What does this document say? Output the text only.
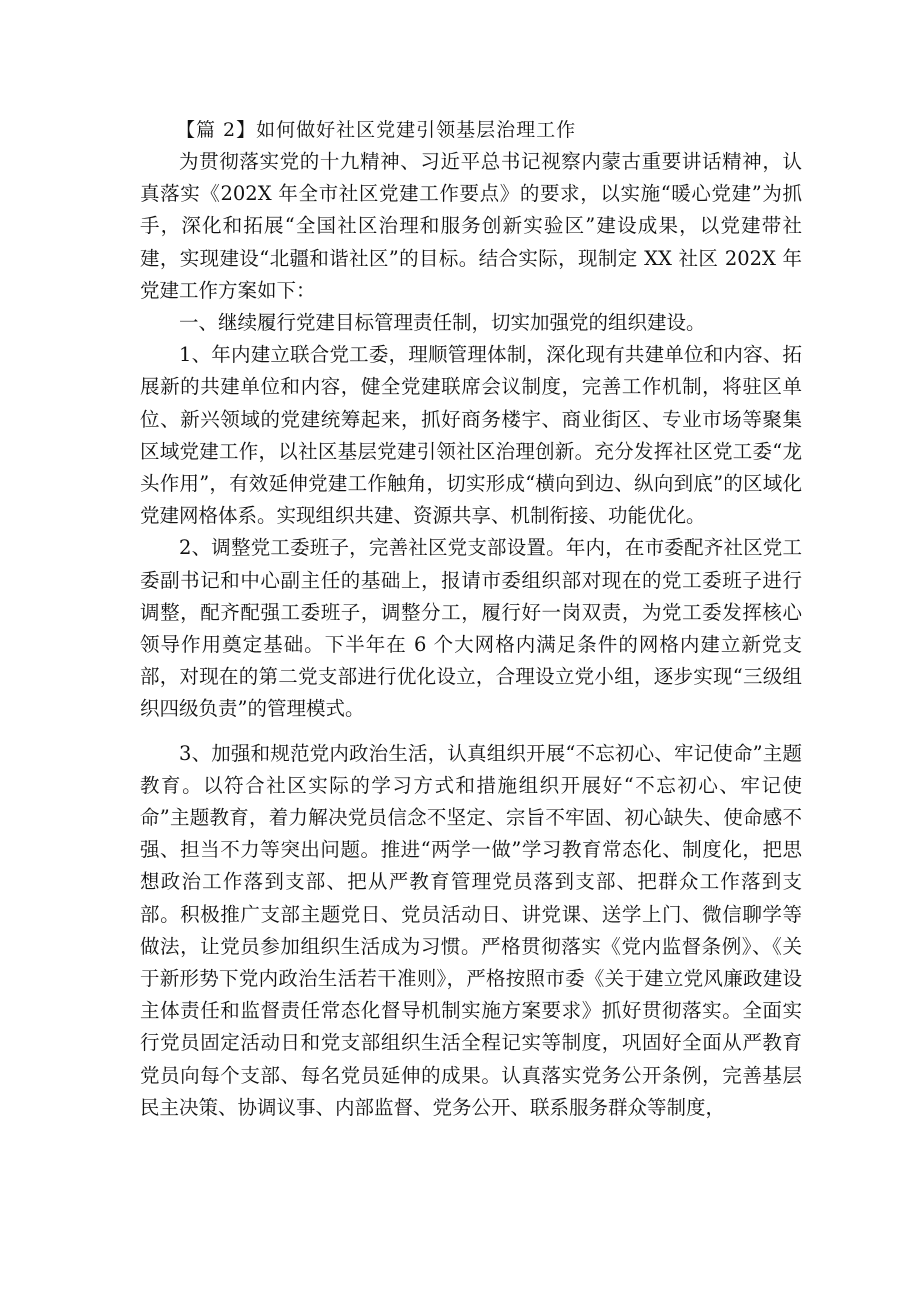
【篇 2】如何做好社区党建引领基层治理工作

为贯彻落实党的十九精神、习近平总书记视察内蒙古重要讲话精神，认真落实《202X 年全市社区党建工作要点》的要求，以实施“暖心党建”为抓手，深化和拓展“全国社区治理和服务创新实验区”建设成果，以党建带社建，实现建设“北疆和谐社区”的目标。结合实际，现制定 XX 社区 202X 年党建工作方案如下：

一、继续履行党建目标管理责任制，切实加强党的组织建设。

1、年内建立联合党工委，理顺管理体制，深化现有共建单位和内容、拓展新的共建单位和内容，健全党建联席会议制度，完善工作机制，将驻区单位、新兴领域的党建统筹起来，抓好商务楼宇、商业街区、专业市场等聚集区域党建工作，以社区基层党建引领社区治理创新。充分发挥社区党工委“龙头作用”，有效延伸党建工作触角，切实形成“横向到边、纵向到底”的区域化党建网格体系。实现组织共建、资源共享、机制衔接、功能优化。

2、调整党工委班子，完善社区党支部设置。年内，在市委配齐社区党工委副书记和中心副主任的基础上，报请市委组织部对现在的党工委班子进行调整，配齐配强工委班子，调整分工，履行好一岗双责，为党工委发挥核心领导作用奠定基础。下半年在 6 个大网格内满足条件的网格内建立新党支部，对现在的第二党支部进行优化设立，合理设立党小组，逐步实现“三级组织四级负责”的管理模式。

3、加强和规范党内政治生活，认真组织开展“不忘初心、牢记使命”主题教育。以符合社区实际的学习方式和措施组织开展好“不忘初心、牢记使命”主题教育，着力解决党员信念不坚定、宗旨不牢固、初心缺失、使命感不强、担当不力等突出问题。推进“两学一做”学习教育常态化、制度化，把思想政治工作落到支部、把从严教育管理党员落到支部、把群众工作落到支部。积极推广支部主题党日、党员活动日、讲党课、送学上门、微信聊学等做法，让党员参加组织生活成为习惯。严格贯彻落实《党内监督条例》、《关于新形势下党内政治生活若干准则》，严格按照市委《关于建立党风廉政建设主体责任和监督责任常态化督导机制实施方案要求》抓好贯彻落实。全面实行党员固定活动日和党支部组织生活全程记实等制度，巩固好全面从严教育党员向每个支部、每名党员延伸的成果。认真落实党务公开条例，完善基层民主决策、协调议事、内部监督、党务公开、联系服务群众等制度，
